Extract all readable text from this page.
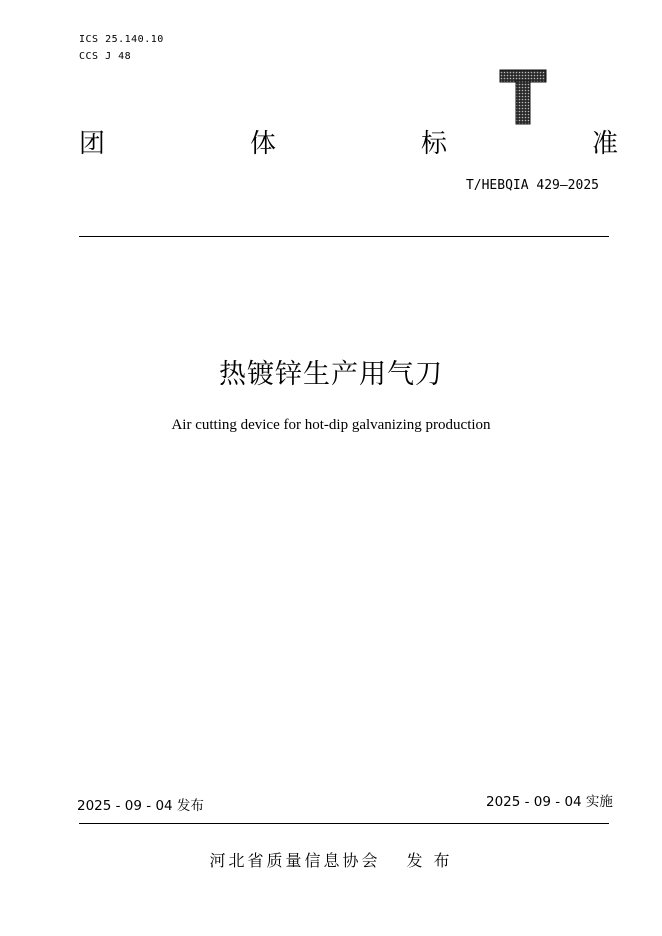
ICS 25.140.10
CCS J 48
团	体	标	准
T/HEBQIA 429—2025
热镀锌生产用气刀
Air cutting device for hot-dip galvanizing production
2025 - 09 - 04 发布	2025 - 09 - 04 实施
河北省质量信息协会 发 布
